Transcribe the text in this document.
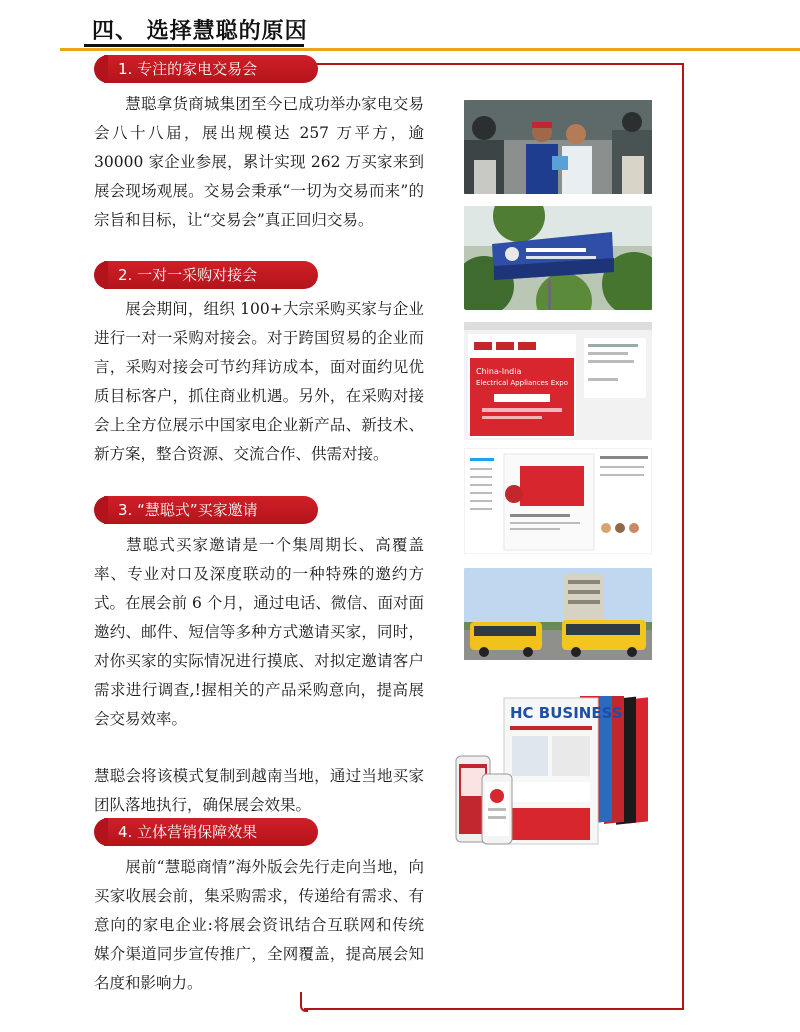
四、 选择慧聪的原因
1. 专注的家电交易会
慧聪拿货商城集团至今已成功举办家电交易会八十八届，展出规模达 257 万平方，逾 30000 家企业参展，累计实现 262 万买家来到展会现场观展。交易会秉承“一切为交易而来”的宗旨和目标，让“交易会”真正回归交易。
2. 一对一采购对接会
展会期间，组织 100+大宗采购买家与企业进行一对一采购对接会。对于跨国贸易的企业而言，采购对接会可节约拜访成本，面对面约见优质目标客户，抓住商业机遇。另外，在采购对接会上全方位展示中国家电企业新产品、新技术、新方案，整合资源、交流合作、供需对接。
3. “慧聪式”买家邀请
慧聪式买家邀请是一个集周期长、高覆盖率、专业对口及深度联动的一种特殊的邀约方式。在展会前 6 个月，通过电话、微信、面对面邀约、邮件、短信等多种方式邀请买家，同时，对你买家的实际情况进行摸底、对拟定邀请客户需求进行调查,!握相关的产品采购意向，提高展会交易效率。
慧聪会将该模式复制到越南当地，通过当地买家团队落地执行，确保展会效果。
4. 立体营销保障效果
展前“慧聪商情”海外版会先行走向当地，向买家收展会前，集采购需求，传递给有需求、有意向的家电企业:将展会资讯结合互联网和传统媒介渠道同步宣传推广，全网覆盖，提高展会知名度和影响力。
China-India
Electrical Appliances Expo
HC BUSINESS
